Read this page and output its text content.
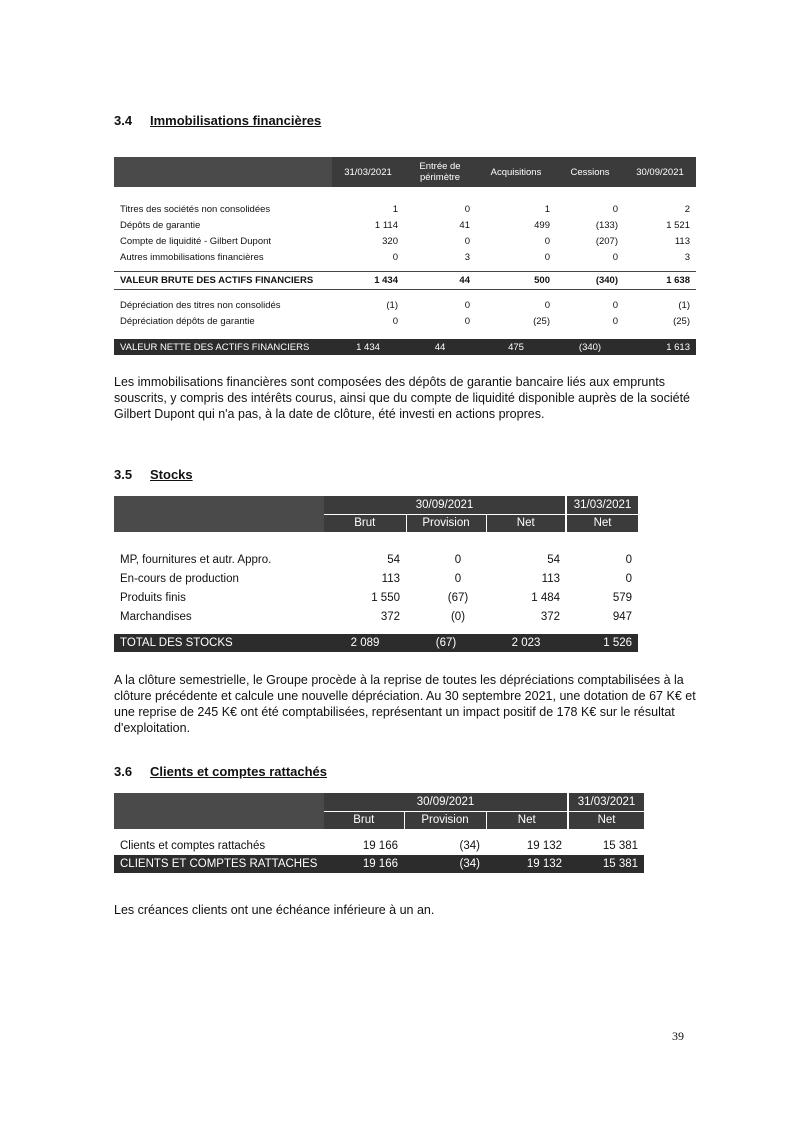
3.4 Immobilisations financières
	31/03/2021	Entrée de périmètre	Acquisitions	Cessions	30/09/2021

Titres des sociétés non consolidées	1	0	1	0	2
Dépôts de garantie	1 114	41	499	(133)	1 521
Compte de liquidité - Gilbert Dupont	320	0	0	(207)	113
Autres immobilisations financières	0	3	0	0	3

VALEUR BRUTE DES ACTIFS FINANCIERS	1 434	44	500	(340)	1 638

Dépréciation des titres non consolidés	(1)	0	0	0	(1)
Dépréciation dépôts de garantie	0	0	(25)	0	(25)

VALEUR NETTE DES ACTIFS FINANCIERS	1 434	44	475	(340)	1 613
Les immobilisations financières sont composées des dépôts de garantie bancaire liés aux emprunts souscrits, y compris des intérêts courus, ainsi que du compte de liquidité disponible auprès de la société Gilbert Dupont qui n'a pas, à la date de clôture, été investi en actions propres.
3.5 Stocks
	30/09/2021			31/03/2021
	Brut	Provision	Net	Net

MP, fournitures et autr. Appro.	54	0	54	0
En-cours de production	113	0	113	0
Produits finis	1 550	(67)	1 484	579
Marchandises	372	(0)	372	947

TOTAL DES STOCKS	2 089	(67)	2 023	1 526
A la clôture semestrielle, le Groupe procède à la reprise de toutes les dépréciations comptabilisées à la clôture précédente et calcule une nouvelle dépréciation. Au 30 septembre 2021, une dotation de 67 K€ et une reprise de 245 K€ ont été comptabilisées, représentant un impact positif de 178 K€ sur le résultat d'exploitation.
3.6 Clients et comptes rattachés
	30/09/2021			31/03/2021
	Brut	Provision	Net	Net

Clients et comptes rattachés	19 166	(34)	19 132	15 381
CLIENTS ET COMPTES RATTACHES	19 166	(34)	19 132	15 381
Les créances clients ont une échéance inférieure à un an.
39
